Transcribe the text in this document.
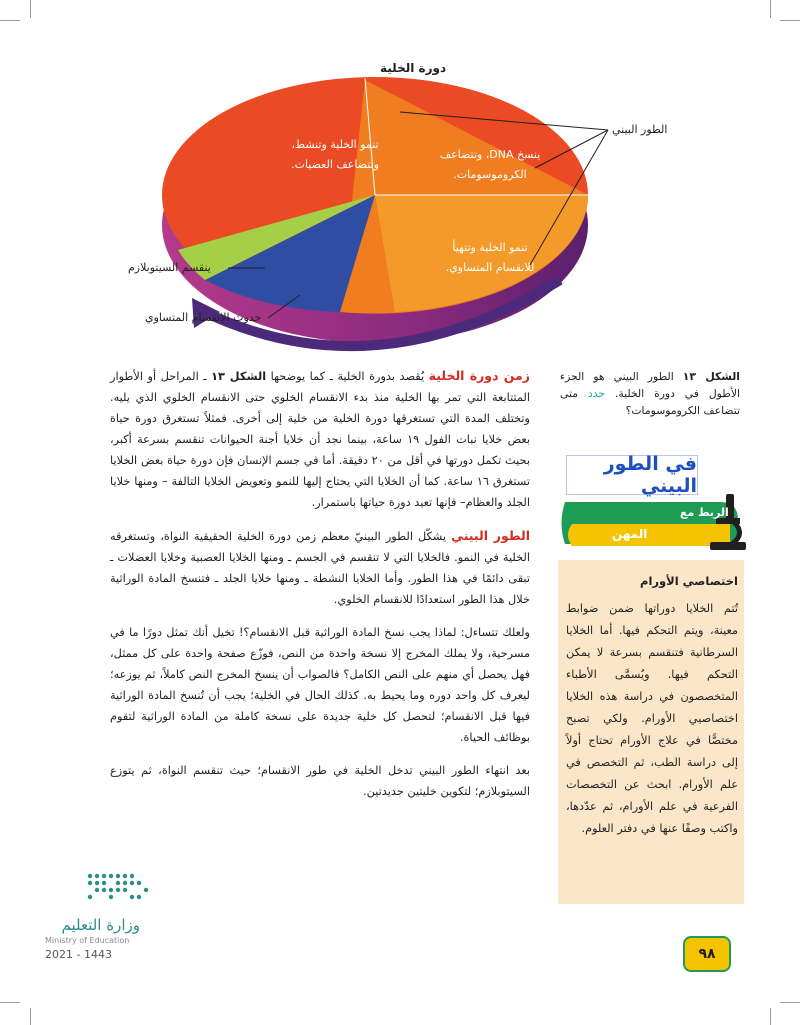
دورة الخلية
الطور البيني
ينسخ DNA، وتتضاعف
الكروموسومات.
تنمو الخلية وتنشط،
وتتضاعف العضيات.
تنمو الخلية وتتهيأ
للانقسام المتساوي.
ينقسم السيتوبلازم
حدوث الانقسام المتساوي

زمن دورة الخلية يُقصد بدورة الخلية ـ كما يوضحها الشكل ١٣ ـ المراحل أو الأطوار المتتابعة التي تمر بها الخلية منذ بدء الانقسام الخلوي حتى الانقسام الخلوي الذي يليه. وتختلف المدة التي تستغرقها دورة الخلية من خلية إلى أخرى. فمثلاً تستغرق دورة حياة بعض خلايا نبات الفول ١٩ ساعة، بينما نجد أن خلايا أجنة الحيوانات تنقسم بسرعة أكبر، بحيث تكمل دورتها في أقل من ٢٠ دقيقة. أما في جسم الإنسان فإن دورة حياة بعض الخلايا تستغرق ١٦ ساعة. كما أن الخلايا التي يحتاج إليها للنمو وتعويض الخلايا التالفة – ومنها خلايا الجلد والعظام– فإنها تعيد دورة حياتها باستمرار.

الطور البيني يشكّل الطور البينيّ معظم زمن دورة الخلية الحقيقية النواة، وتستغرقه الخلية في النمو. فالخلايا التي لا تنقسم في الجسم ـ ومنها الخلايا العصبية وخلايا العضلات ـ تبقى دائمًا في هذا الطور. وأما الخلايا النشطة ـ ومنها خلايا الجلد ـ فتنسخ المادة الوراثية خلال هذا الطور استعدادًا للانقسام الخلوي.

ولعلك تتساءل: لماذا يجب نسخ المادة الوراثية قبل الانقسام؟! تخيل أنك تمثل دورًا ما في مسرحية، ولا يملك المخرج إلا نسخة واحدة من النص، فوزّع صفحة واحدة على كل ممثل، فهل يحصل أي منهم على النص الكامل؟ فالصواب أن ينسخ المخرج النص كاملاً، ثم يوزعه؛ ليعرف كل واحد دوره وما يحيط به. كذلك الحال في الخلية؛ يجب أن تُنسخ المادة الوراثية فيها قبل الانقسام؛ لتحصل كل خلية جديدة على نسخة كاملة من المادة الوراثية لتقوم بوظائف الحياة.

بعد انتهاء الطور البيني تدخل الخلية في طور الانقسام؛ حيث تنقسم النواة، ثم يتوزع السيتوبلازم؛ لتكوين خليتين جديدتين.

الشكل ١٣ الطور البيني هو الجزء الأطول في دورة الخلية. حدد متى تتضاعف الكروموسومات؟
في الطور البيني
الربط مع
المهن
اختصاصي الأورام
تُتم الخلايا دوراتها ضمن ضوابط معينة، ويتم التحكم فيها. أما الخلايا السرطانية فتنقسم بسرعة لا يمكن التحكم فيها. ويُسمَّى الأطباء المتخصصون في دراسة هذه الخلايا اختصاصيي الأورام. ولكي تصبح مختصًّا في علاج الأورام تحتاج أولاً إلى دراسة الطب، ثم التخصص في علم الأورام. ابحث عن التخصصات الفرعية في علم الأورام، ثم عدّدها، واكتب وصفًا عنها في دفتر العلوم.
وزارة التعليم
Ministry of Education
2021 - 1443	٩٨
